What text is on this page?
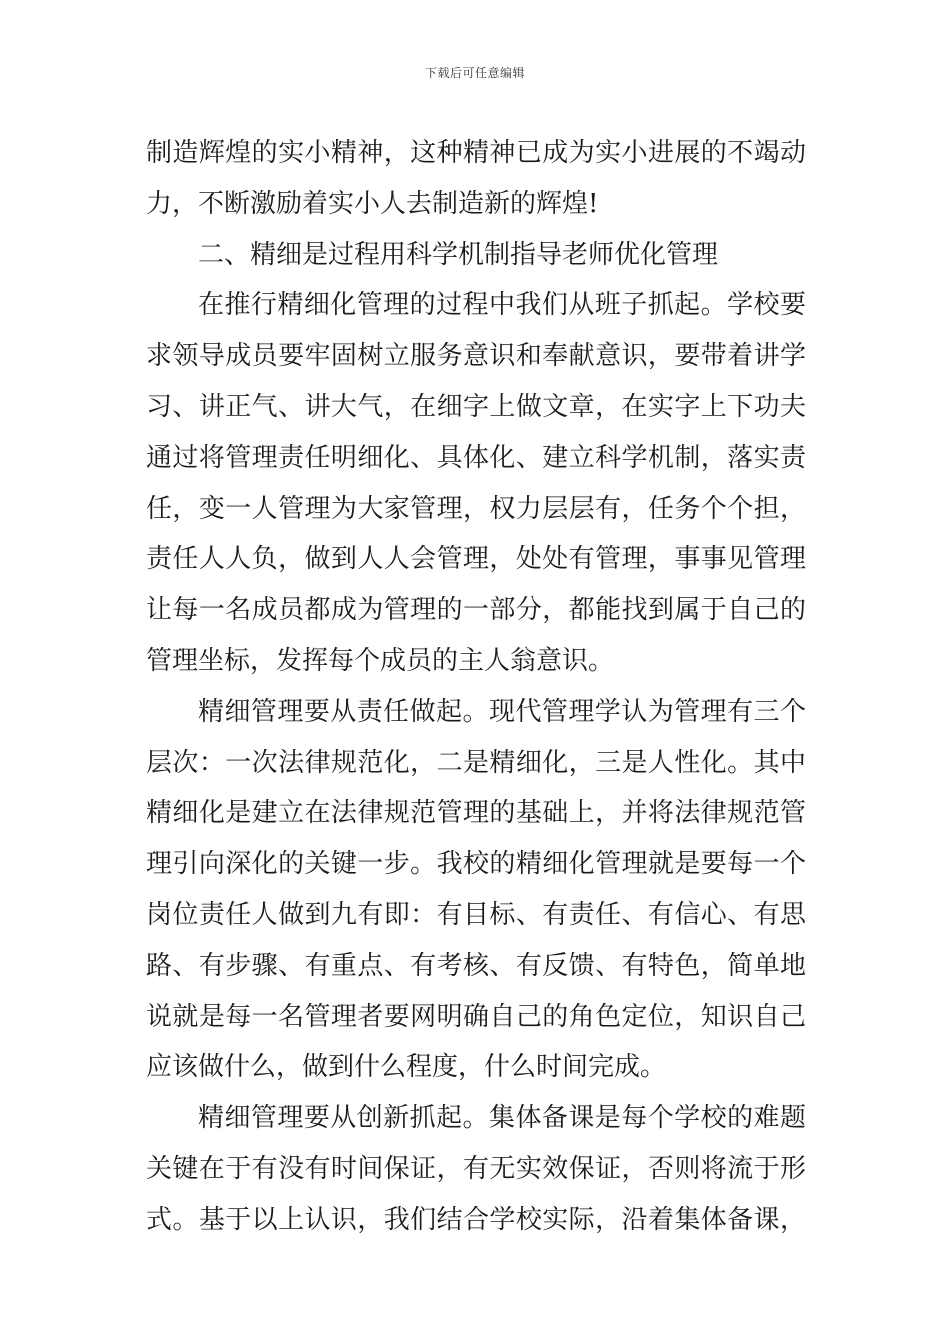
下载后可任意编辑
制造辉煌的实小精神，这种精神已成为实小进展的不竭动
力，不断激励着实小人去制造新的辉煌!
二、精细是过程用科学机制指导老师优化管理
在推行精细化管理的过程中我们从班子抓起。学校要
求领导成员要牢固树立服务意识和奉献意识，要带着讲学
习、讲正气、讲大气，在细字上做文章，在实字上下功夫
通过将管理责任明细化、具体化、建立科学机制，落实责
任，变一人管理为大家管理，权力层层有，任务个个担，
责任人人负，做到人人会管理，处处有管理，事事见管理
让每一名成员都成为管理的一部分，都能找到属于自己的
管理坐标，发挥每个成员的主人翁意识。
精细管理要从责任做起。现代管理学认为管理有三个
层次：一次法律规范化，二是精细化，三是人性化。其中
精细化是建立在法律规范管理的基础上，并将法律规范管
理引向深化的关键一步。我校的精细化管理就是要每一个
岗位责任人做到九有即：有目标、有责任、有信心、有思
路、有步骤、有重点、有考核、有反馈、有特色，简单地
说就是每一名管理者要网明确自己的角色定位，知识自己
应该做什么，做到什么程度，什么时间完成。
精细管理要从创新抓起。集体备课是每个学校的难题
关键在于有没有时间保证，有无实效保证，否则将流于形
式。基于以上认识，我们结合学校实际，沿着集体备课，
